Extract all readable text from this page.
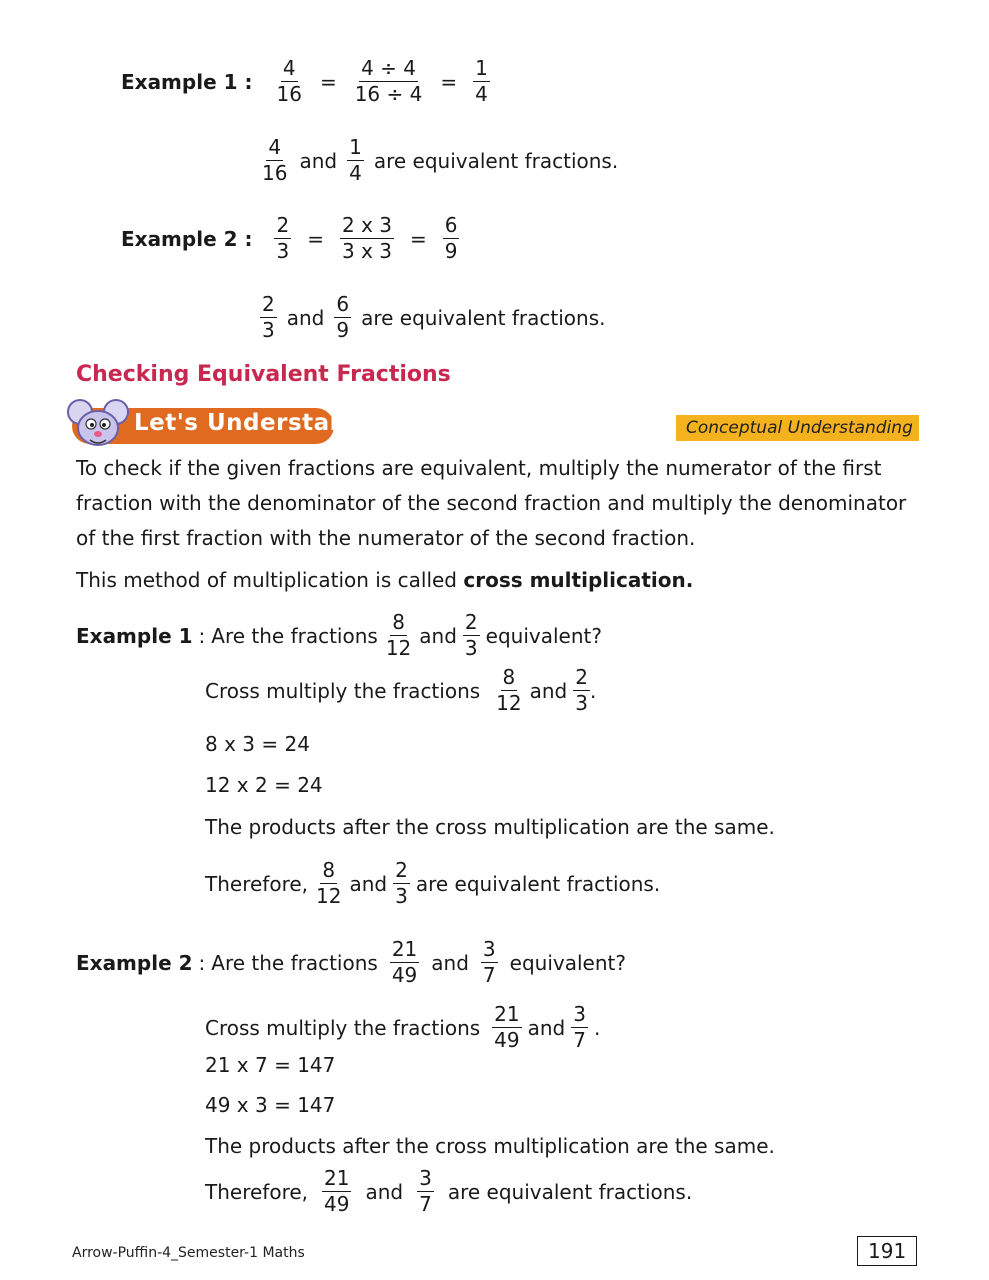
Example 1 : $\frac{4}{16} = \frac{4 \div 4}{16 \div 4} = \frac{1}{4}$
$\frac{4}{16}$ and $\frac{1}{4}$ are equivalent fractions.
Example 2 : $\frac{2}{3} = \frac{2 x 3}{3 x 3} = \frac{6}{9}$
$\frac{2}{3}$ and $\frac{6}{9}$ are equivalent fractions.
Checking Equivalent Fractions
Let's Understand	Conceptual Understanding
To check if the given fractions are equivalent, multiply the numerator of the first fraction with the denominator of the second fraction and multiply the denominator of the first fraction with the numerator of the second fraction.
This method of multiplication is called cross multiplication.
Example 1 : Are the fractions $\frac{8}{12}$ and $\frac{2}{3}$ equivalent?
Cross multiply the fractions $\frac{8}{12}$ and $\frac{2}{3}$ .
8 x 3 = 24
12 x 2 = 24
The products after the cross multiplication are the same.
Therefore, $\frac{8}{12}$ and $\frac{2}{3}$ are equivalent fractions.
Example 2 : Are the fractions $\frac{21}{49}$ and $\frac{3}{7}$ equivalent?
Cross multiply the fractions $\frac{21}{49}$ and $\frac{3}{7}$ .
21 x 7 = 147
49 x 3 = 147
The products after the cross multiplication are the same.
Therefore, $\frac{21}{49}$ and $\frac{3}{7}$ are equivalent fractions.
Arrow-Puffin-4_Semester-1 Maths	191
